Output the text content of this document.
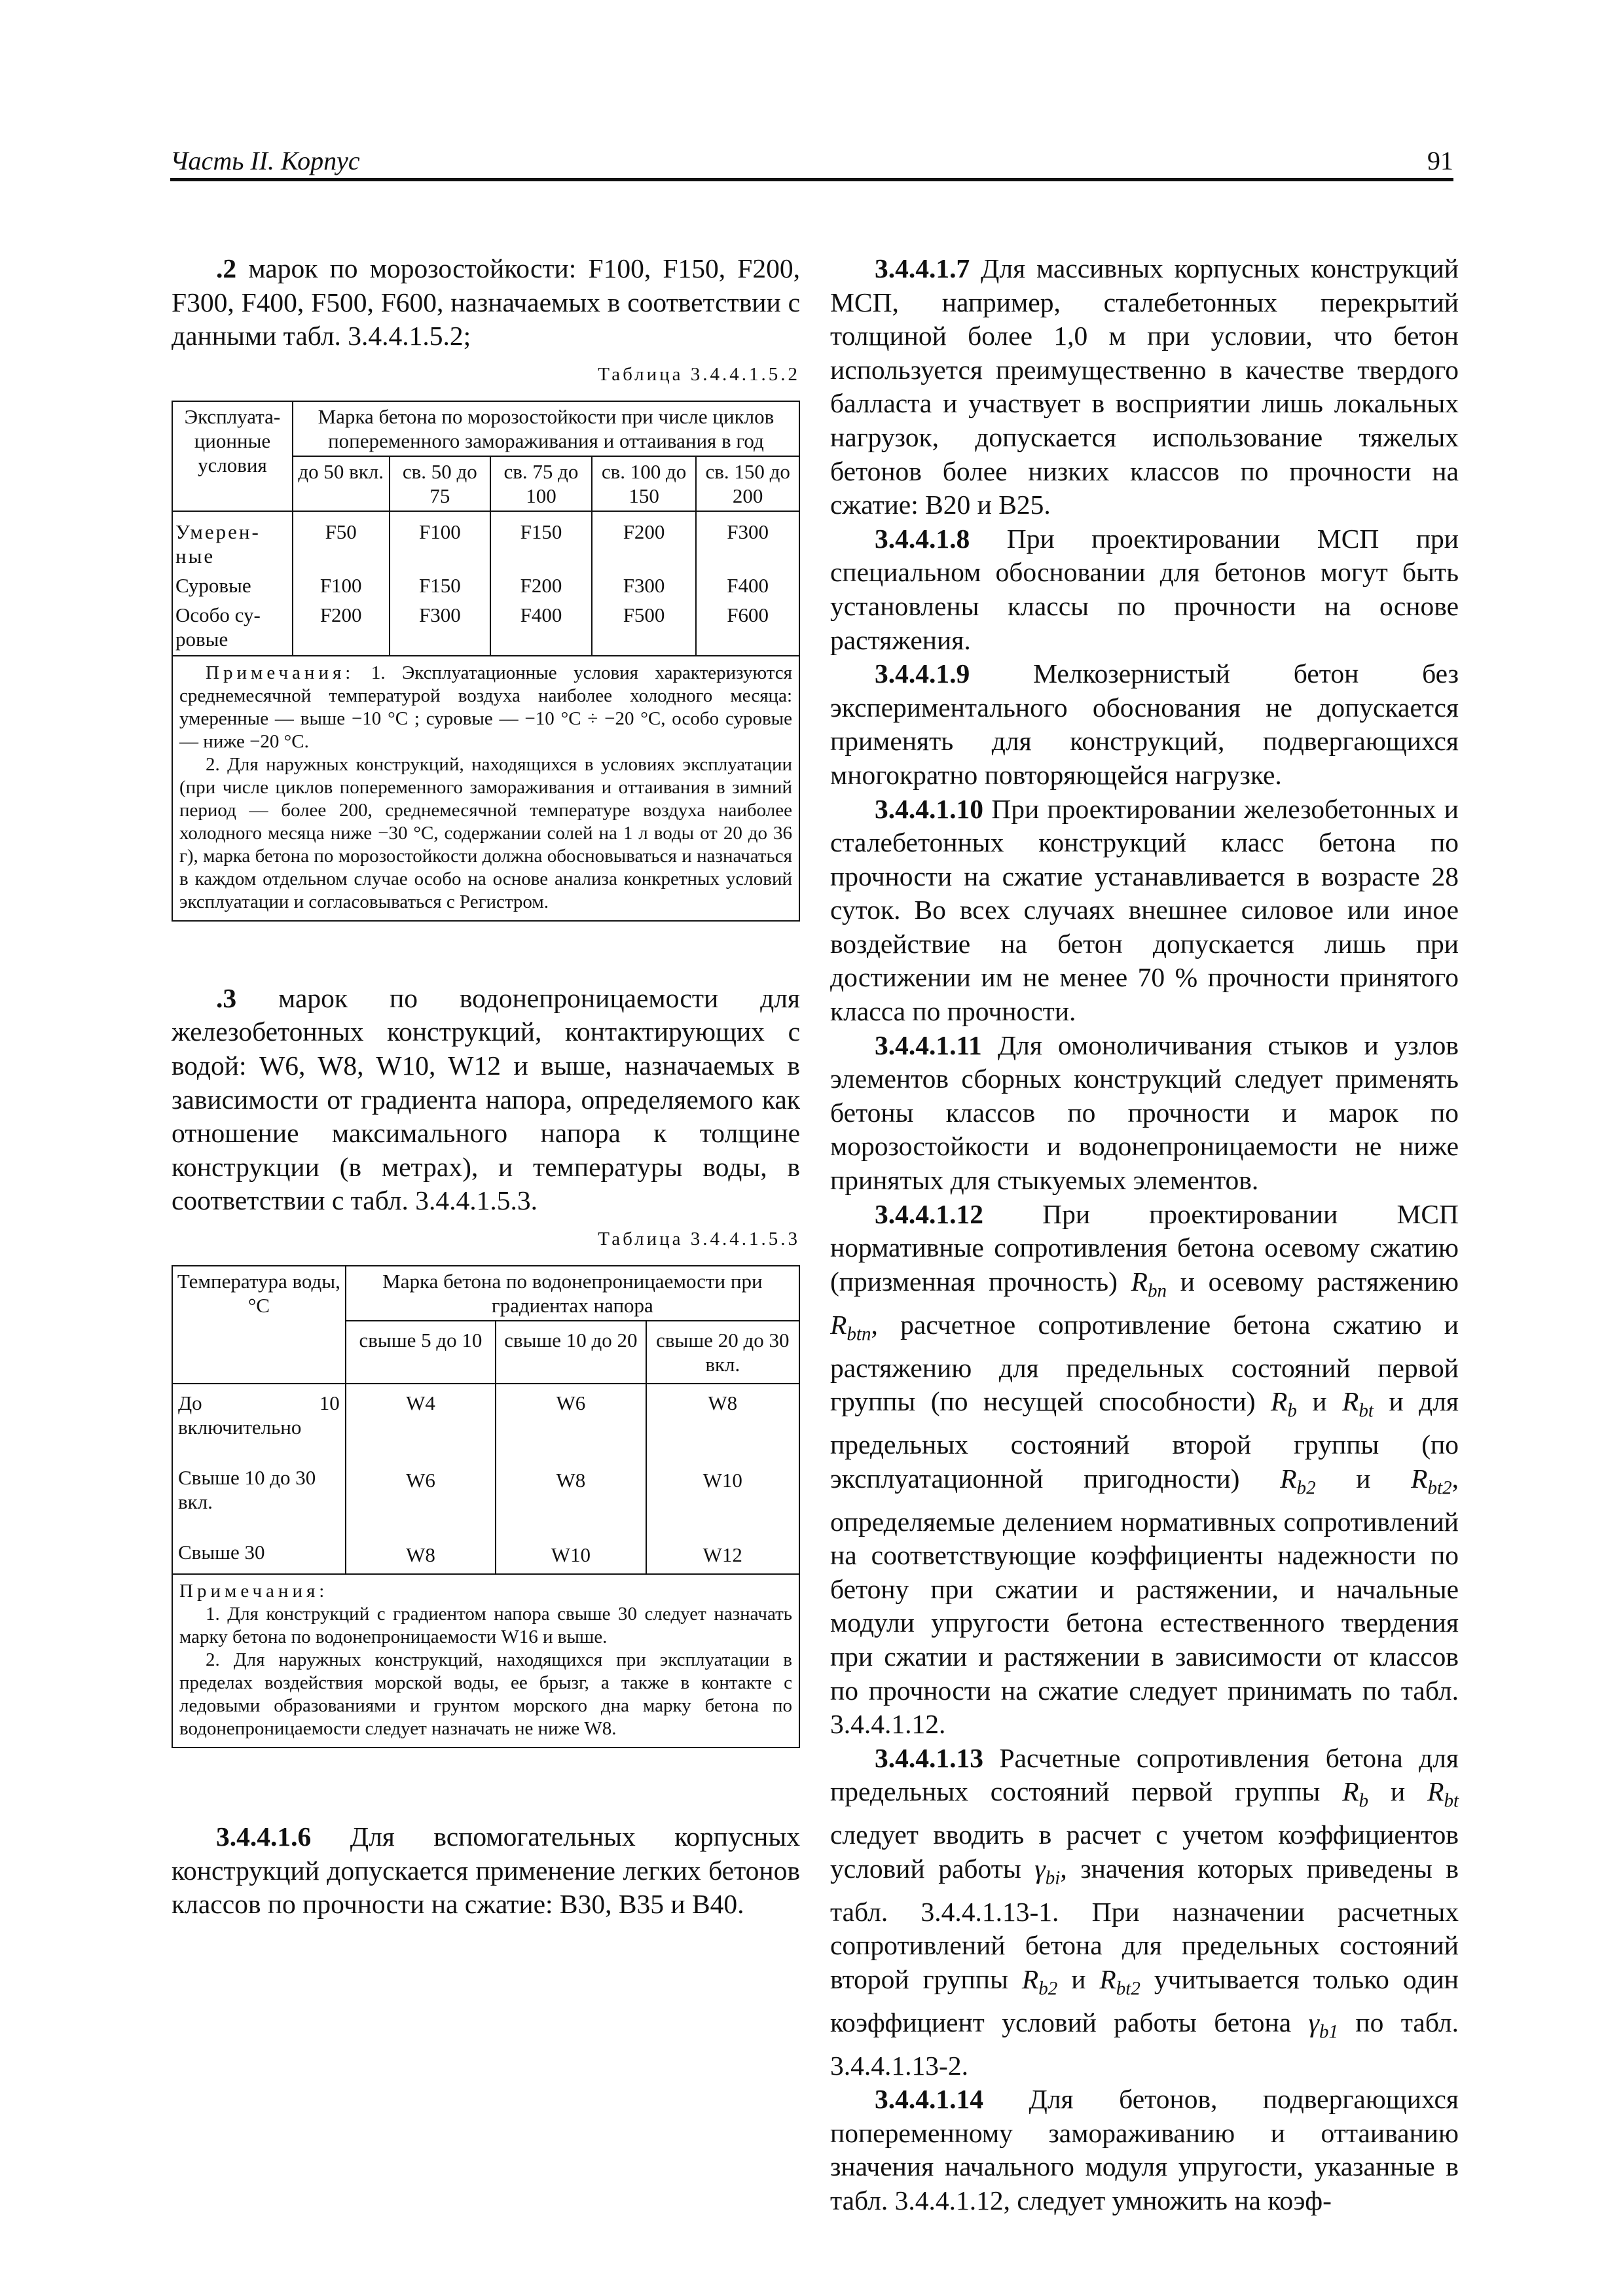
Часть II. Корпус	91

.2 марок по морозостойкости: F100, F150, F200, F300, F400, F500, F600, назначаемых в соответствии с данными табл. 3.4.4.1.5.2;

Таблица 3.4.4.1.5.2
Эксплуата-ционные условия	Марка бетона по морозостойкости при числе циклов попеременного замораживания и оттаивания в год				
	до 50 вкл.	св. 50 до 75	св. 75 до 100	св. 100 до 150	св. 150 до 200
Умерен-ные	F50	F100	F150	F200	F300
Суровые	F100	F150	F200	F300	F400
Особо су-ровые	F200	F300	F400	F500	F600

Примечания: 1. Эксплуатационные условия характеризуются среднемесячной температурой воздуха наиболее холодного месяца: умеренные — выше −10 °С ; суровые — −10 °С ÷ −20 °С, особо суровые — ниже −20 °С.
2. Для наружных конструкций, находящихся в условиях эксплуатации (при числе циклов попеременного замораживания и оттаивания в зимний период — более 200, среднемесячной температуре воздуха наиболее холодного месяца ниже −30 °С, содержании солей на 1 л воды от 20 до 36 г), марка бетона по морозостойкости должна обосновываться и назначаться в каждом отдельном случае особо на основе анализа конкретных условий эксплуатации и согласовываться с Регистром.					

.3 марок по водонепроницаемости для железобетонных конструкций, контактирующих с водой: W6, W8, W10, W12 и выше, назначаемых в зависимости от градиента напора, определяемого как отношение максимального напора к толщине конструкции (в метрах), и температуры воды, в соответствии с табл. 3.4.4.1.5.3.

Таблица 3.4.4.1.5.3
Температура воды, °С	Марка бетона по водонепроницаемости при градиентах напора		
	свыше 5 до 10	свыше 10 до 20	свыше 20 до 30 вкл.
До 10 включительно	W4	W6	W8
Свыше 10 до 30 вкл.	W6	W8	W10
Свыше 30	W8	W10	W12
Примечания:
1. Для конструкций с градиентом напора свыше 30 следует назначать марку бетона по водонепроницаемости W16 и выше.
2. Для наружных конструкций, находящихся при эксплуатации в пределах воздействия морской воды, ее брызг, а также в контакте с ледовыми образованиями и грунтом морского дна марку бетона по водонепроницаемости следует назначать не ниже W8.			

3.4.4.1.6 Для вспомогательных корпусных конструкций допускается применение легких бетонов классов по прочности на сжатие: В30, В35 и В40.

3.4.4.1.7 Для массивных корпусных конструкций МСП, например, сталебетонных перекрытий толщиной более 1,0 м при условии, что бетон используется преимущественно в качестве твердого балласта и участвует в восприятии лишь локальных нагрузок, допускается использование тяжелых бетонов более низких классов по прочности на сжатие: В20 и В25.

3.4.4.1.8 При проектировании МСП при специальном обосновании для бетонов могут быть установлены классы по прочности на основе растяжения.

3.4.4.1.9 Мелкозернистый бетон без экспериментального обоснования не допускается применять для конструкций, подвергающихся многократно повторяющейся нагрузке.

3.4.4.1.10 При проектировании железобетонных и сталебетонных конструкций класс бетона по прочности на сжатие устанавливается в возрасте 28 суток. Во всех случаях внешнее силовое или иное воздействие на бетон допускается лишь при достижении им не менее 70 % прочности принятого класса по прочности.

3.4.4.1.11 Для омоноличивания стыков и узлов элементов сборных конструкций следует применять бетоны классов по прочности и марок по морозостойкости и водонепроницаемости не ниже принятых для стыкуемых элементов.

3.4.4.1.12 При проектировании МСП нормативные сопротивления бетона осевому сжатию (призменная прочность) $R_{bn}$ и осевому растяжению $R_{btn}$, расчетное сопротивление бетона сжатию и растяжению для предельных состояний первой группы (по несущей способности) $R_b$ и $R_{bt}$ и для предельных состояний второй группы (по эксплуатационной пригодности) $R_{b2}$ и $R_{bt2}$, определяемые делением нормативных сопротивлений на соответствующие коэффициенты надежности по бетону при сжатии и растяжении, и начальные модули упругости бетона естественного твердения при сжатии и растяжении в зависимости от классов по прочности на сжатие следует принимать по табл. 3.4.4.1.12.

3.4.4.1.13 Расчетные сопротивления бетона для предельных состояний первой группы $R_b$ и $R_{bt}$ следует вводить в расчет с учетом коэффициентов условий работы $\gamma_{bi}$, значения которых приведены в табл. 3.4.4.1.13-1. При назначении расчетных сопротивлений бетона для предельных состояний второй группы $R_{b2}$ и $R_{bt2}$ учитывается только один коэффициент условий работы бетона $\gamma_{b1}$ по табл. 3.4.4.1.13-2.

3.4.4.1.14 Для бетонов, подвергающихся попеременному замораживанию и оттаиванию значения начального модуля упругости, указанные в табл. 3.4.4.1.12, следует умножить на коэф-
